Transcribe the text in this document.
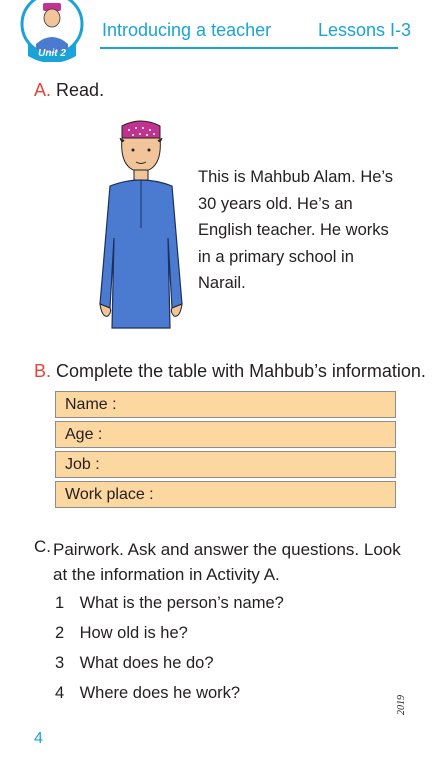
Unit 2
Introducing a teacher	Lessons I-3
A. Read.
This is Mahbub Alam. He’s 30 years old. He’s an English teacher. He works in a primary school in Narail.
B. Complete the table with Mahbub’s information.
Name :
Age :
Job :
Work place :
C. Pairwork. Ask and answer the questions. Look at the information in Activity A.
1 What is the person’s name?
2 How old is he?
3 What does he do?
4 Where does he work?
4
2019
